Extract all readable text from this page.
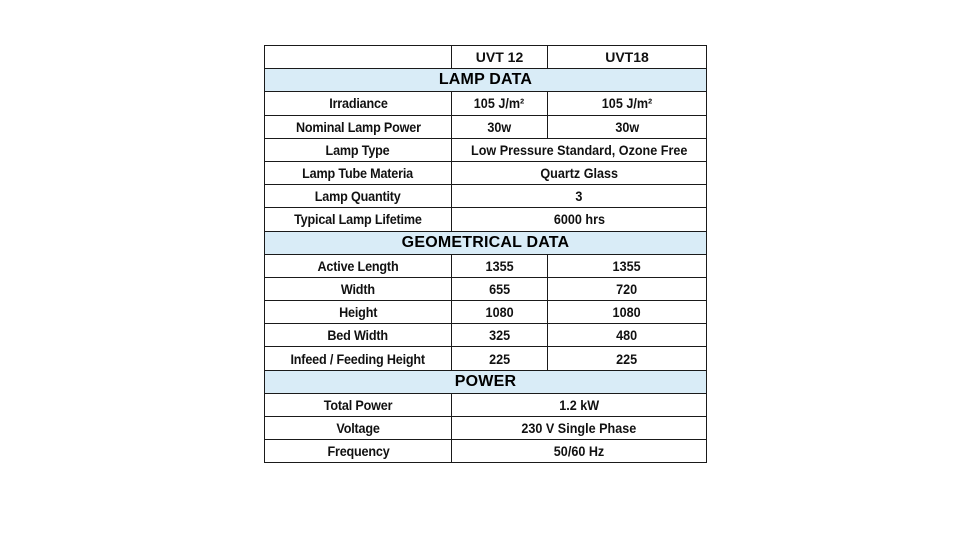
	UVT 12	UVT18
LAMP DATA		
Irradiance	105 J/m²	105 J/m²
Nominal Lamp Power	30w	30w
Lamp Type	Low Pressure Standard, Ozone Free	
Lamp Tube Materia	Quartz Glass	
Lamp Quantity	3	
Typical Lamp Lifetime	6000 hrs	
GEOMETRICAL DATA		
Active Length	1355	1355
Width	655	720
Height	1080	1080
Bed Width	325	480
Infeed / Feeding Height	225	225
POWER		
Total Power	1.2 kW	
Voltage	230 V Single Phase	
Frequency	50/60 Hz	
